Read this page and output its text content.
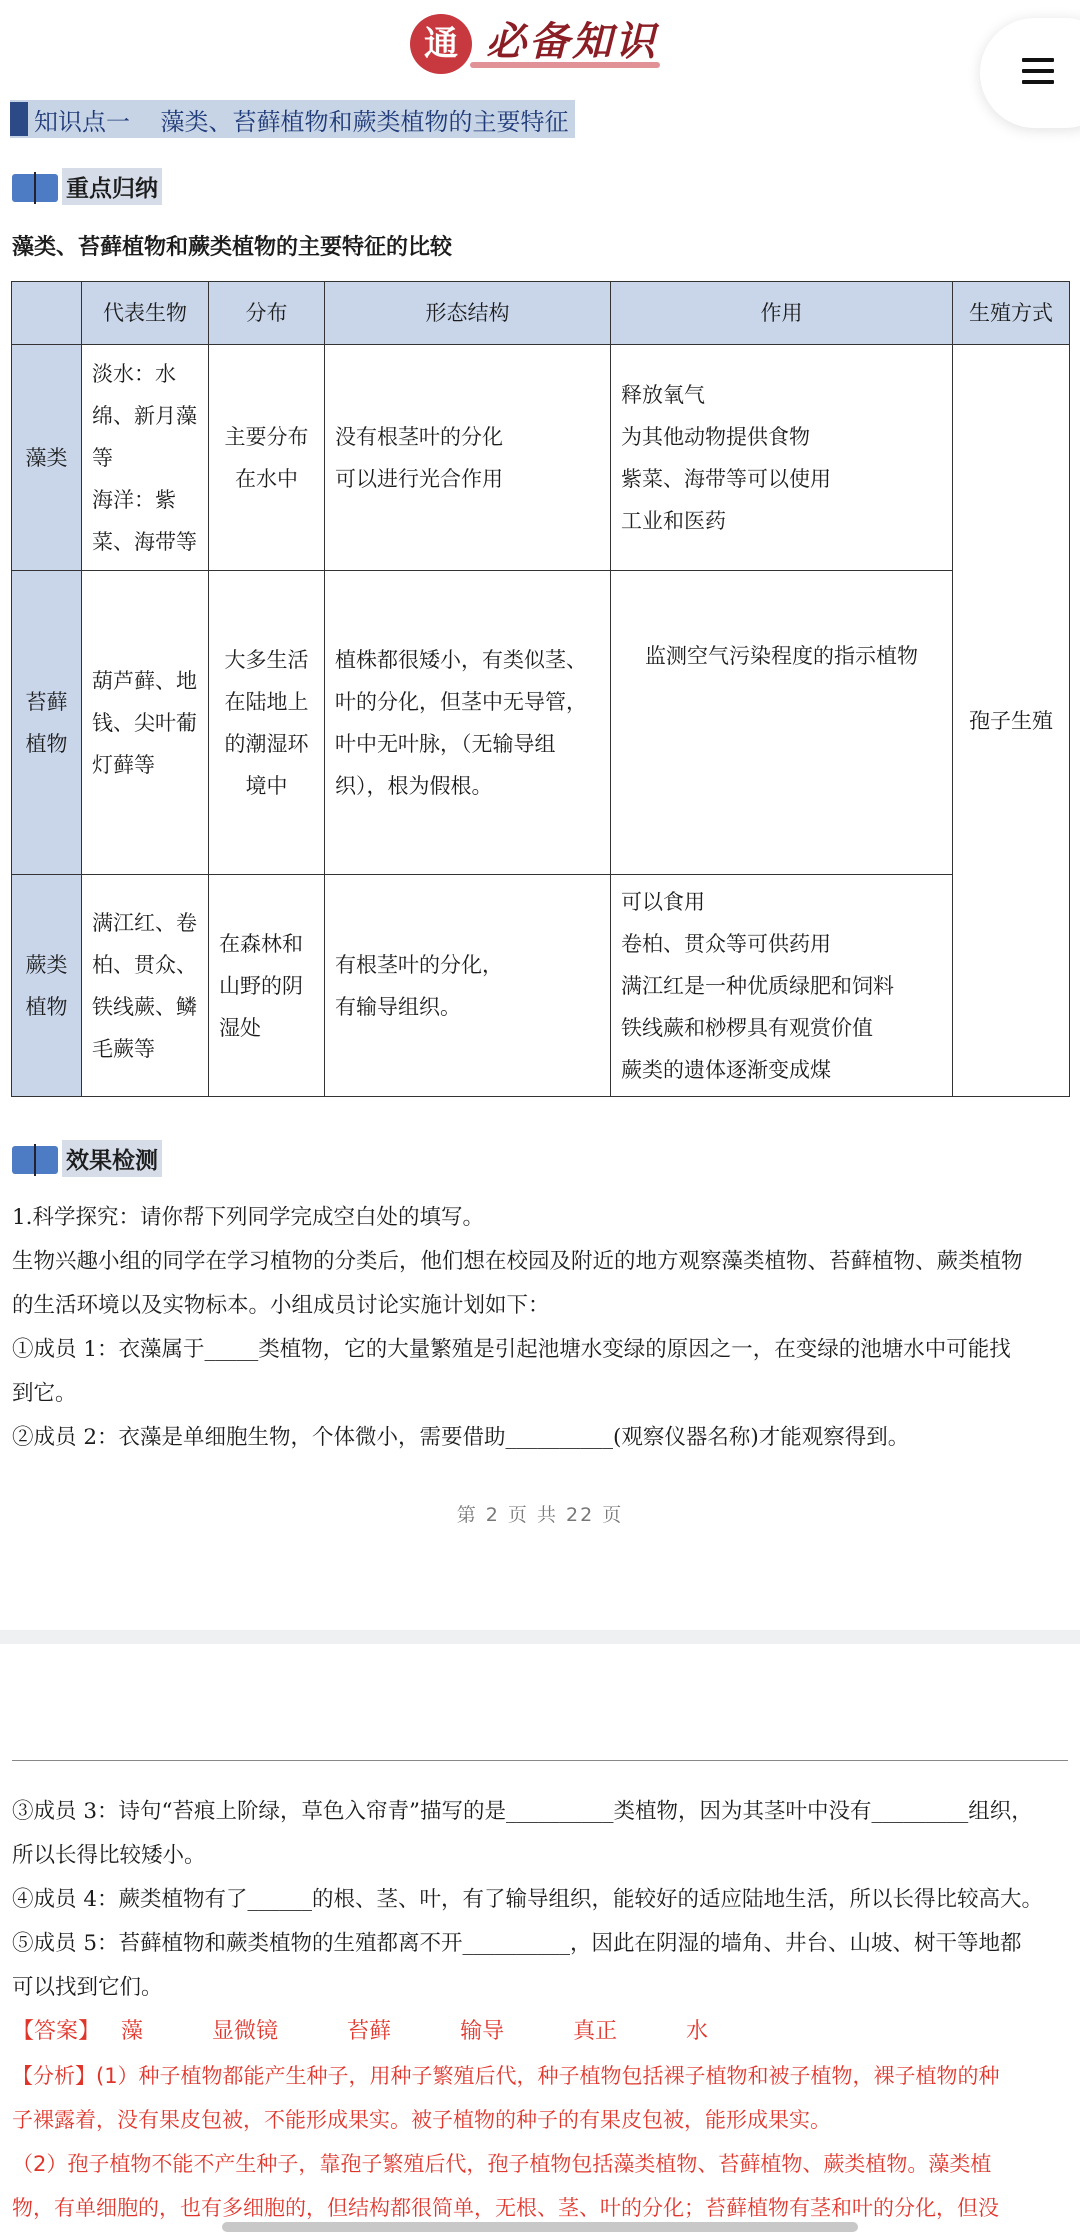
通 必备知识
知识点一    藻类、苔藓植物和蕨类植物的主要特征
重点归纳
藻类、苔藓植物和蕨类植物的主要特征的比较
	代表生物	分布	形态结构	作用	生殖方式
藻类	淡水：水
绵、新月藻
等
海洋：紫
菜、海带等	主要分布
在水中	没有根茎叶的分化
可以进行光合作用	释放氧气
为其他动物提供食物
紫菜、海带等可以使用
工业和医药	孢子生殖

苔藓
植物	葫芦藓、地
钱、尖叶葡
灯藓等	大多生活
在陆地上
的潮湿环
境中	植株都很矮小，有类似茎、
叶的分化，但茎中无导管，
叶中无叶脉，（无输导组
织），根为假根。	监测空气污染程度的指示植物	

蕨类
植物	满江红、卷
柏、贯众、
铁线蕨、鳞
毛蕨等	在森林和
山野的阴
湿处	有根茎叶的分化，
有输导组织。	可以食用
卷柏、贯众等可供药用
满江红是一种优质绿肥和饲料
铁线蕨和桫椤具有观赏价值
蕨类的遗体逐渐变成煤	
效果检测
1.科学探究：请你帮下列同学完成空白处的填写。
生物兴趣小组的同学在学习植物的分类后，他们想在校园及附近的地方观察藻类植物、苔藓植物、蕨类植物
的生活环境以及实物标本。小组成员讨论实施计划如下：
①成员 1：衣藻属于_____类植物，它的大量繁殖是引起池塘水变绿的原因之一，在变绿的池塘水中可能找
到它。
②成员 2：衣藻是单细胞生物，个体微小，需要借助__________(观察仪器名称)才能观察得到。
第 2 页 共 22 页
③成员 3：诗句“苔痕上阶绿，草色入帘青”描写的是__________类植物，因为其茎叶中没有_________组织，
所以长得比较矮小。
④成员 4：蕨类植物有了______的根、茎、叶，有了输导组织，能较好的适应陆地生活，所以长得比较高大。
⑤成员 5：苔藓植物和蕨类植物的生殖都离不开__________，因此在阴湿的墙角、井台、山坡、树干等地都
可以找到它们。
【答案】 藻	显微镜	苔藓	输导	真正	水
【分析】(1）种子植物都能产生种子，用种子繁殖后代，种子植物包括裸子植物和被子植物，裸子植物的种
子裸露着，没有果皮包被，不能形成果实。被子植物的种子的有果皮包被，能形成果实。
（2）孢子植物不能不产生种子，靠孢子繁殖后代，孢子植物包括藻类植物、苔藓植物、蕨类植物。藻类植
物，有单细胞的，也有多细胞的，但结构都很简单，无根、茎、叶的分化；苔藓植物有茎和叶的分化，但没
